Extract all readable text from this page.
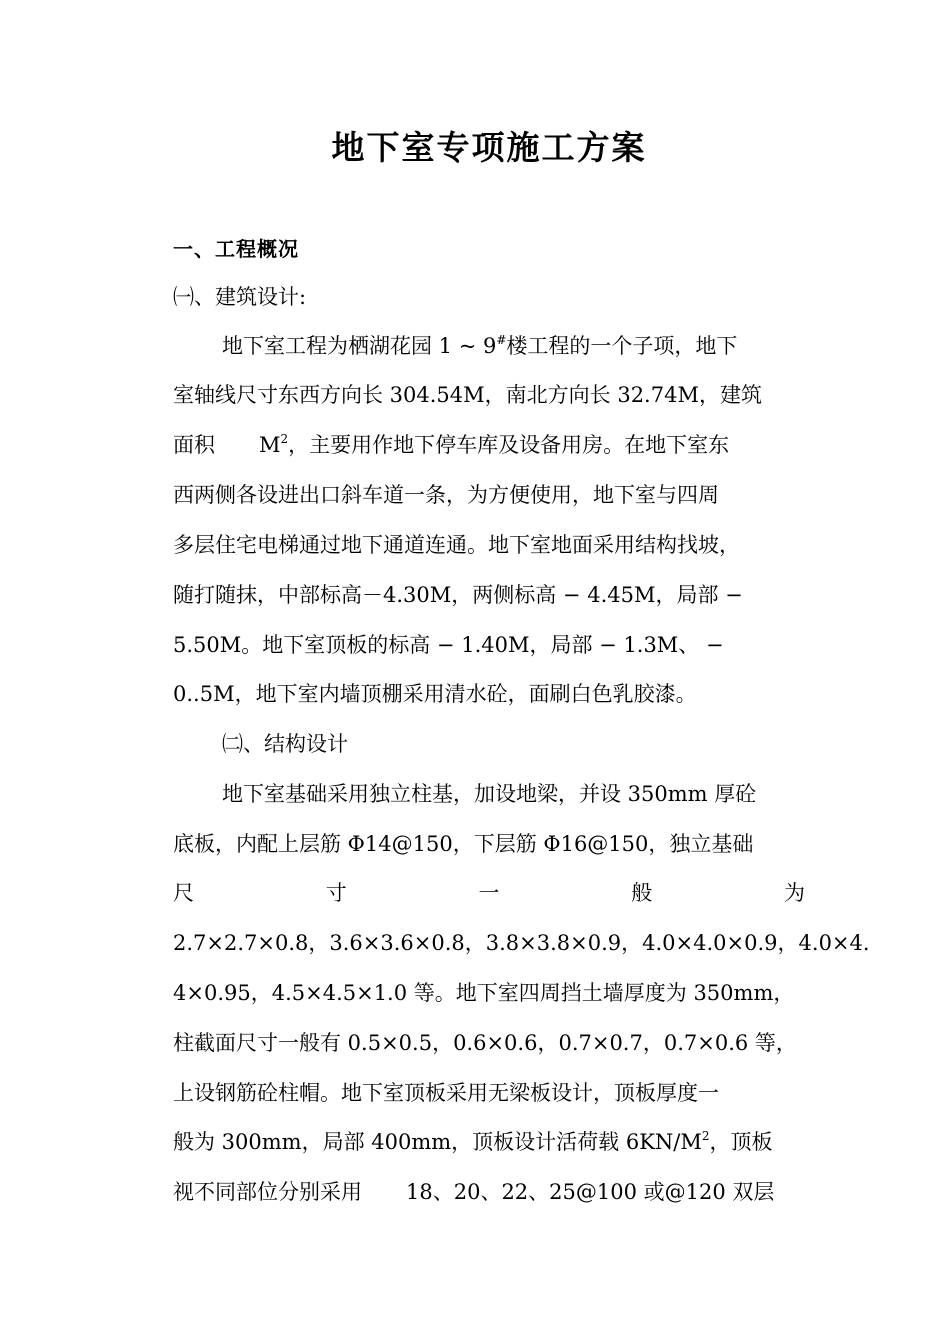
地下室专项施工方案
一、工程概况
㈠、建筑设计:
地下室工程为栖湖花园 1 ~ 9#楼工程的一个子项，地下
室轴线尺寸东西方向长 304.54M，南北方向长 32.74M，建筑
面积 $M^2$，主要用作地下停车库及设备用房。在地下室东
西两侧各设进出口斜车道一条，为方便使用，地下室与四周
多层住宅电梯通过地下通道连通。地下室地面采用结构找坡，
随打随抹，中部标高－4.30M，两侧标高 − 4.45M，局部 −
5.50M。地下室顶板的标高 − 1.40M，局部 − 1.3M、 −
0..5M，地下室内墙顶棚采用清水砼，面刷白色乳胶漆。
㈡、结构设计
地下室基础采用独立柱基，加设地梁，并设 350mm 厚砼
底板，内配上层筋 Φ14@150，下层筋 Φ16@150，独立基础
尺	寸	一	般	为
2.7×2.7×0.8，3.6×3.6×0.8，3.8×3.8×0.9，4.0×4.0×0.9，4.0×4.
4×0.95，4.5×4.5×1.0 等。地下室四周挡土墙厚度为 350mm，
柱截面尺寸一般有 0.5×0.5，0.6×0.6，0.7×0.7，0.7×0.6 等，
上设钢筋砼柱帽。地下室顶板采用无梁板设计，顶板厚度一
般为 300mm，局部 400mm，顶板设计活荷载 $6KN/M^2$，顶板
视不同部位分别采用 18、20、22、25@100 或@120 双层
